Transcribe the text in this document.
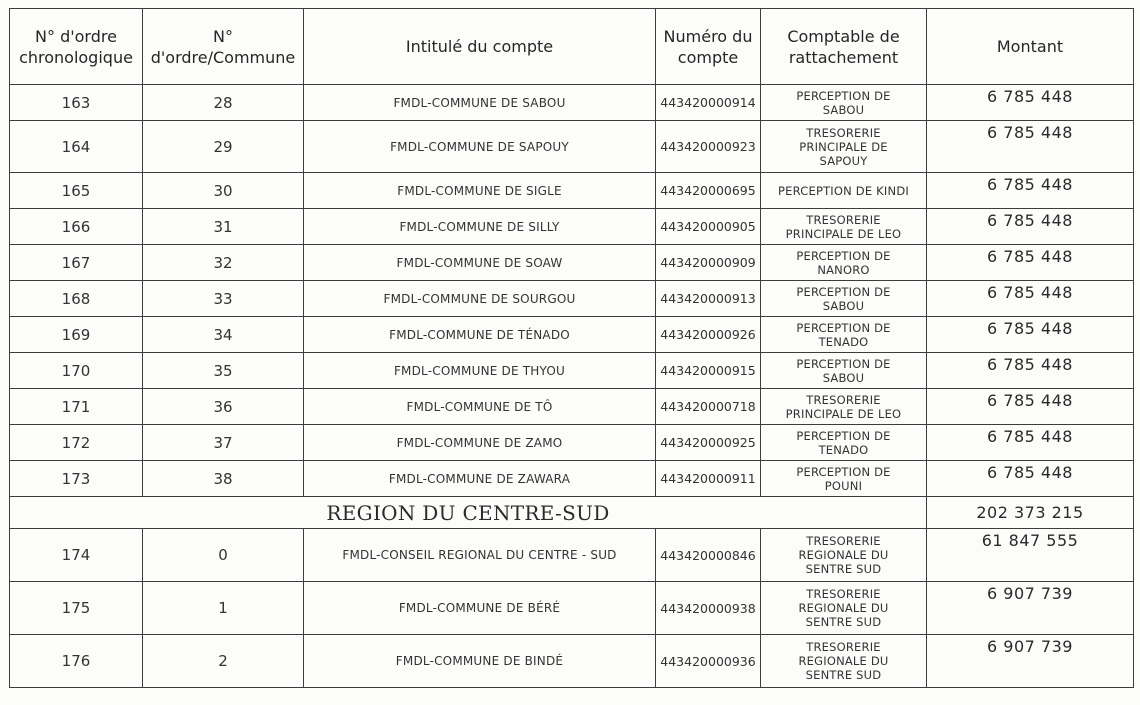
N° d'ordre chronologique	N° d'ordre/Commune	Intitulé du compte	Numéro du compte	Comptable de rattachement	Montant
163	28	FMDL-COMMUNE DE SABOU	443420000914	PERCEPTION DE
SABOU	6 785 448
164	29	FMDL-COMMUNE DE SAPOUY	443420000923	TRESORERIE
PRINCIPALE DE
SAPOUY	6 785 448
165	30	FMDL-COMMUNE DE SIGLE	443420000695	PERCEPTION DE KINDI	6 785 448
166	31	FMDL-COMMUNE DE SILLY	443420000905	TRESORERIE
PRINCIPALE DE LEO	6 785 448
167	32	FMDL-COMMUNE DE SOAW	443420000909	PERCEPTION DE
NANORO	6 785 448
168	33	FMDL-COMMUNE DE SOURGOU	443420000913	PERCEPTION DE
SABOU	6 785 448
169	34	FMDL-COMMUNE DE TÉNADO	443420000926	PERCEPTION DE
TENADO	6 785 448
170	35	FMDL-COMMUNE DE THYOU	443420000915	PERCEPTION DE
SABOU	6 785 448
171	36	FMDL-COMMUNE DE TÔ	443420000718	TRESORERIE
PRINCIPALE DE LEO	6 785 448
172	37	FMDL-COMMUNE DE ZAMO	443420000925	PERCEPTION DE
TENADO	6 785 448
173	38	FMDL-COMMUNE DE ZAWARA	443420000911	PERCEPTION DE
POUNI	6 785 448
REGION DU CENTRE-SUD					202 373 215
174	0	FMDL-CONSEIL REGIONAL DU CENTRE - SUD	443420000846	TRESORERIE
REGIONALE DU
SENTRE SUD	61 847 555
175	1	FMDL-COMMUNE DE BÉRÉ	443420000938	TRESORERIE
REGIONALE DU
SENTRE SUD	6 907 739
176	2	FMDL-COMMUNE DE BINDÉ	443420000936	TRESORERIE
REGIONALE DU
SENTRE SUD	6 907 739
